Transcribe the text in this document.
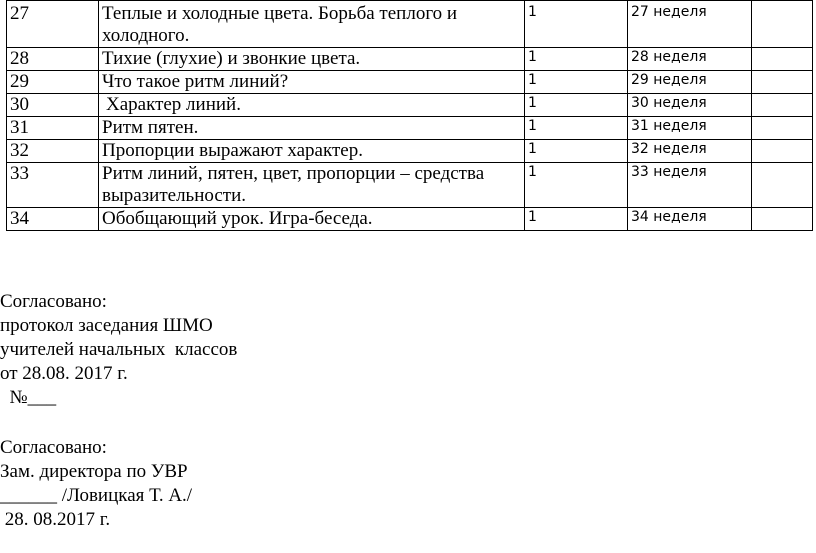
27	Теплые и холодные цвета. Борьба теплого и холодного.	1	27 неделя	
28	Тихие (глухие) и звонкие цвета.	1	28 неделя	
29	Что такое ритм линий?	1	29 неделя	
30	Характер линий.	1	30 неделя	
31	Ритм пятен.	1	31 неделя	
32	Пропорции выражают характер.	1	32 неделя	
33	Ритм линий, пятен, цвет, пропорции – средства выразительности.	1	33 неделя	
34	Обобщающий урок. Игра-беседа.	1	34 неделя	
Согласовано:
протокол заседания ШМО
учителей начальных  классов
от 28.08. 2017 г.
№___
Согласовано:
Зам. директора по УВР
______ /Ловицкая Т. А./
28. 08.2017 г.
